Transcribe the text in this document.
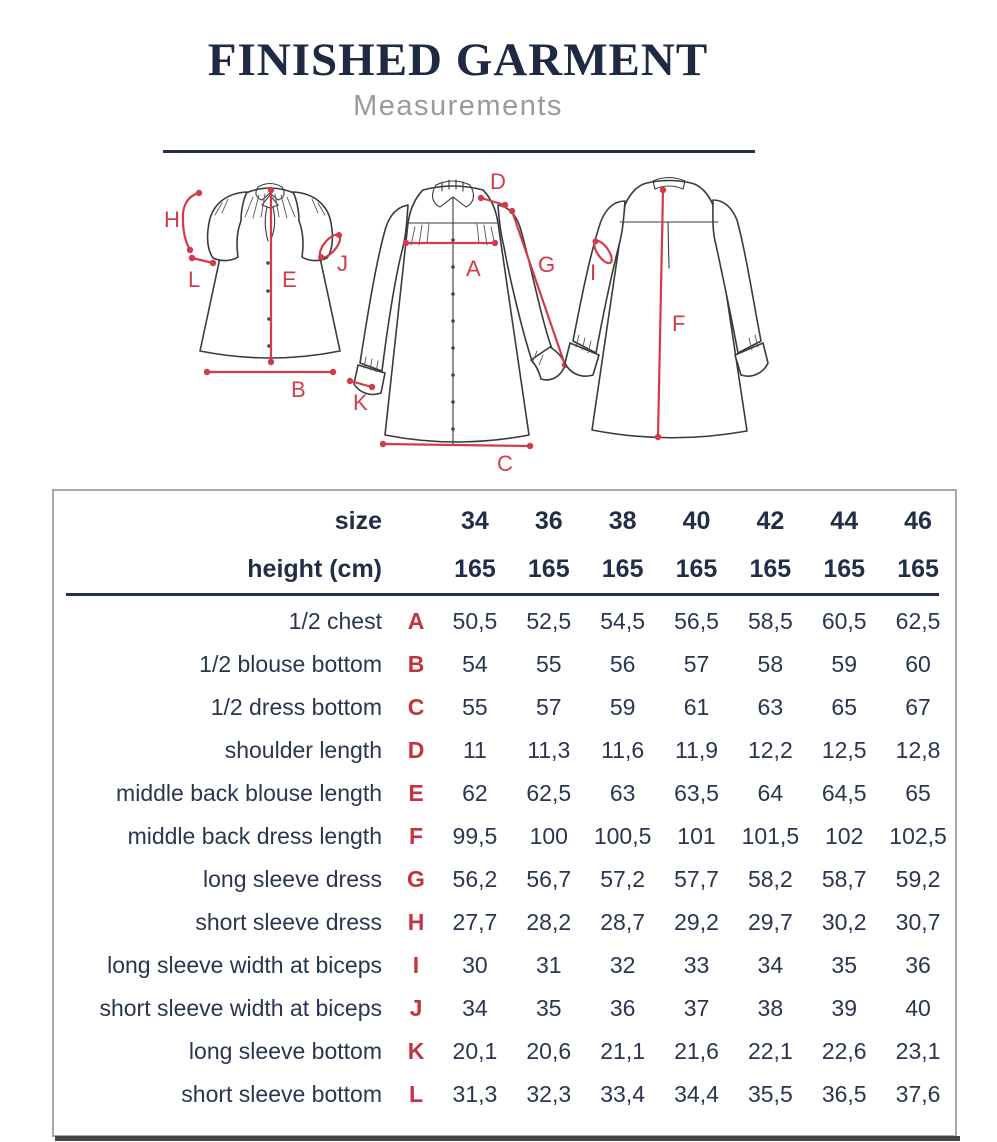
FINISHED GARMENT
Measurements
H
L	E
B
J
D
A	G
K
C
I
F
size	34	36	38	40	42	44	46
height (cm)	165	165	165	165	165	165	165
1/2 chest	A	50,5	52,5	54,5	56,5	58,5	60,5	62,5
1/2 blouse bottom	B	54	55	56	57	58	59	60
1/2 dress bottom	C	55	57	59	61	63	65	67
shoulder length	D	11	11,3	11,6	11,9	12,2	12,5	12,8
middle back blouse length	E	62	62,5	63	63,5	64	64,5	65
middle back dress length	F	99,5	100	100,5	101	101,5	102	102,5
long sleeve dress	G	56,2	56,7	57,2	57,7	58,2	58,7	59,2
short sleeve dress	H	27,7	28,2	28,7	29,2	29,7	30,2	30,7
long sleeve width at biceps	I	30	31	32	33	34	35	36
short sleeve width at biceps	J	34	35	36	37	38	39	40
long sleeve bottom	K	20,1	20,6	21,1	21,6	22,1	22,6	23,1
short sleeve bottom	L	31,3	32,3	33,4	34,4	35,5	36,5	37,6
